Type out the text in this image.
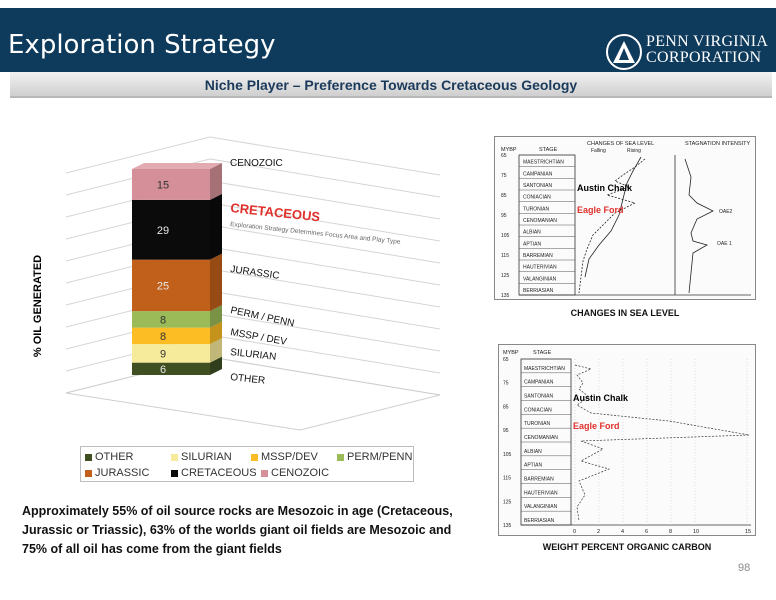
Exploration Strategy	PENN VIRGINIA
CORPORATION
Niche Player – Preference Towards Cretaceous Geology
6
9
8
8
25
29
15
OTHER
SILURIAN
MSSP / DEV
PERM / PENN
JURASSIC
CRETACEOUS
CENOZOIC
Exploration Strategy Determines Focus Area and Play Type
% OIL GENERATED
OTHER	SILURIAN	MSSP/DEV	PERM/PENN
JURASSIC	CRETACEOUS CENOZOIC
Approximately 55% of oil source rocks are Mesozoic in age (Cretaceous, Jurassic or Triassic), 63% of the worlds giant oil fields are Mesozoic and 75% of all oil has come from the giant fields
MYBP	STAGE
CHANGES OF SEA LEVEL
Falling	Rising
STAGNATION INTENSITY
MAESTRICHTIAN
CAMPANIAN
SANTONIAN
CONIACIAN
TURONIAN
CENOMANIAN
ALBIAN
APTIAN
BARREMIAN
HAUTERIVIAN
VALANGINIAN
BERRIASIAN
65
75
85
95
105
115
125
135
OAE2
OAE 1
Austin Chalk
Eagle Ford
CHANGES IN SEA LEVEL
MYBP	STAGE
MAESTRICHTIAN
CAMPANIAN
SANTONIAN
CONIACIAN
TURONIAN
CENOMANIAN
ALBIAN
APTIAN
BARREMIAN
HAUTERIVIAN
VALANGINIAN
BERRIASIAN
65
75
85
95
105
115
125
135
0	2	4	6	8	10	15
Austin Chalk
Eagle Ford
WEIGHT PERCENT ORGANIC CARBON
98
